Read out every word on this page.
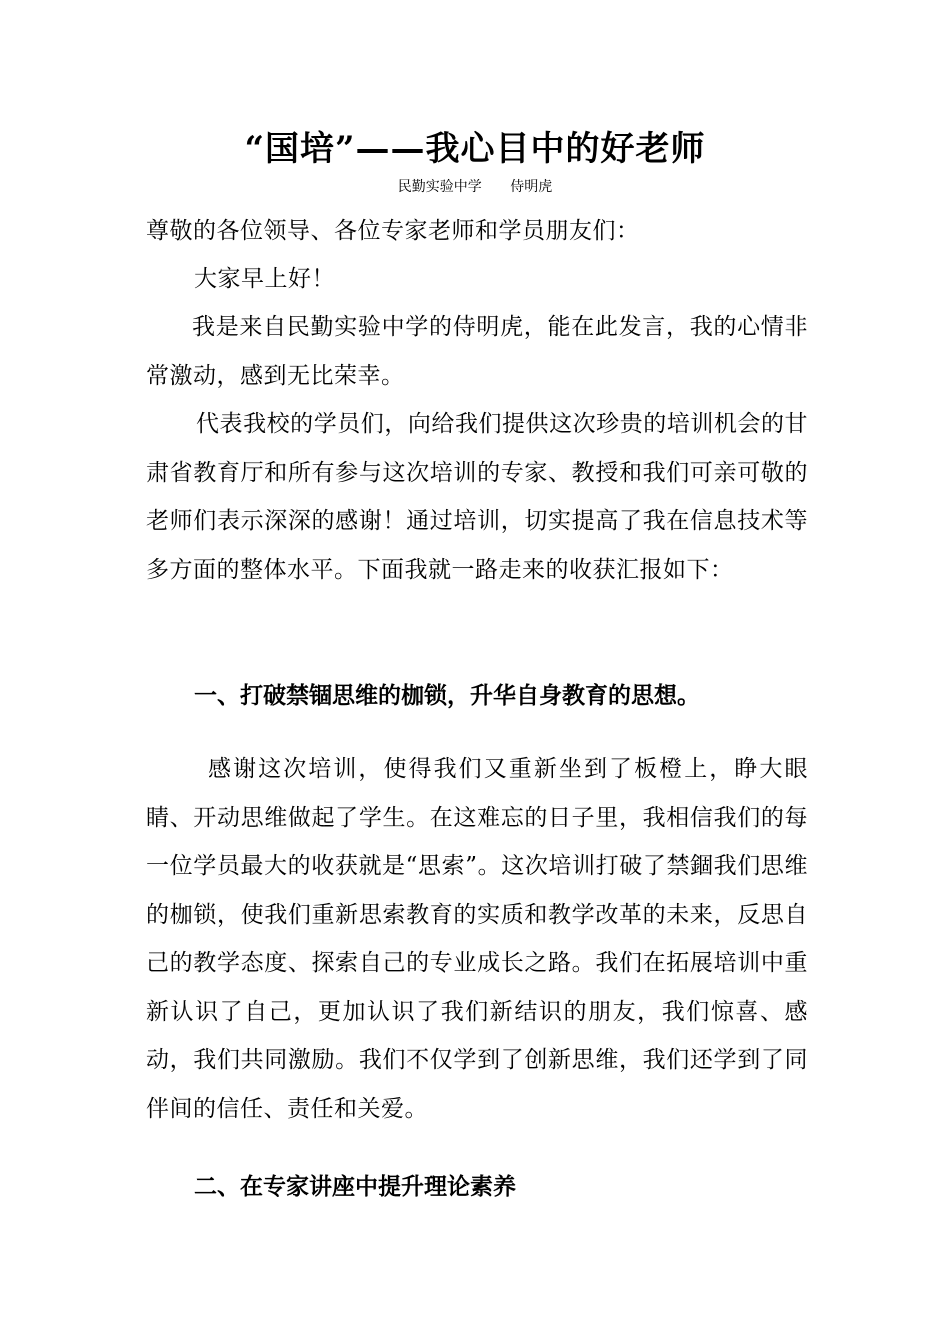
“国培”——我心目中的好老师
民勤实验中学 侍明虎
尊敬的各位领导、各位专家老师和学员朋友们：
大家早上好！
我是来自民勤实验中学的侍明虎，能在此发言，我的心情非常激动，感到无比荣幸。
代表我校的学员们，向给我们提供这次珍贵的培训机会的甘肃省教育厅和所有参与这次培训的专家、教授和我们可亲可敬的老师们表示深深的感谢！通过培训，切实提高了我在信息技术等多方面的整体水平。下面我就一路走来的收获汇报如下：
一、打破禁锢思维的枷锁，升华自身教育的思想。
感谢这次培训，使得我们又重新坐到了板橙上，睁大眼睛、开动思维做起了学生。在这难忘的日子里，我相信我们的每一位学员最大的收获就是“思索”。这次培训打破了禁錮我们思维的枷锁，使我们重新思索教育的实质和教学改革的未来，反思自己的教学态度、探索自己的专业成长之路。我们在拓展培训中重新认识了自己，更加认识了我们新结识的朋友，我们惊喜、感动，我们共同激励。我们不仅学到了创新思维，我们还学到了同伴间的信任、责任和关爱。
二、在专家讲座中提升理论素养
